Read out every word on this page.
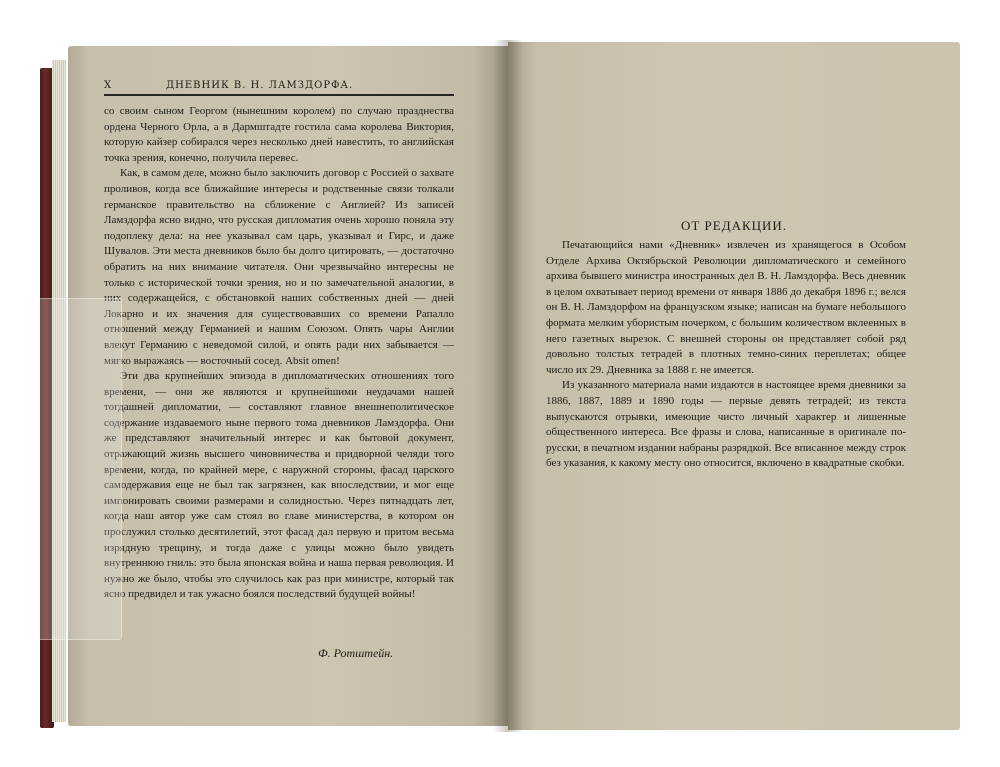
X	ДНЕВНИК В. Н. ЛАМЗДОРФА.

со своим сыном Георгом (нынешним королем) по случаю празднества ордена Черного Орла, а в Дармштадте гостила сама королева Виктория, которую кайзер собирался через несколько дней навестить, то английская точка зрения, конечно, получила перевес.

Как, в самом деле, можно было заключить договор с Россией о захвате проливов, когда все ближайшие интересы и родственные связи толкали германское правительство на сближение с Англией? Из записей Ламздорфа ясно видно, что русская дипломатия очень хорошо поняла эту подоплеку дела: на нее указывал сам царь, указывал и Гирс, и даже Шувалов. Эти места дневников было бы долго цитировать, — достаточно обратить на них внимание читателя. Они чрезвычайно интересны не только с исторической точки зрения, но и по замечательной аналогии, в них содержащейся, с обстановкой наших собственных дней — дней Локарно и их значения для существовавших со времени Рапалло отношений между Германией и нашим Союзом. Опять чары Англии влекут Германию с неведомой силой, и опять ради них забывается — мягко выражаясь — восточный сосед. Absit omen!

Эти два крупнейших эпизода в дипломатических отношениях того времени, — они же являются и крупнейшими неудачами нашей тогдашней дипломатии, — составляют главное внешнеполитическое содержание издаваемого ныне первого тома дневников Ламздорфа. Они же представляют значительный интерес и как бытовой документ, отражающий жизнь высшего чиновничества и придворной челяди того времени, когда, по крайней мере, с наружной стороны, фасад царского самодержавия еще не был так загрязнен, как впоследствии, и мог еще импонировать своими размерами и солидностью. Через пятнадцать лет, когда наш автор уже сам стоял во главе министерства, в котором он прослужил столько десятилетий, этот фасад дал первую и притом весьма изрядную трещину, и тогда даже с улицы можно было увидеть внутреннюю гниль: это была японская война и наша первая революция. И нужно же было, чтобы это случилось как раз при министре, который так ясно предвидел и так ужасно боялся последствий будущей войны!

Ф. Ротштейн.
ОТ РЕДАКЦИИ.

Печатающийся нами «Дневник» извлечен из хранящегося в Особом Отделе Архива Октябрьской Революции дипломатического и семейного архива бывшего министра иностранных дел В. Н. Ламздорфа. Весь дневник в целом охватывает период времени от января 1886 до декабря 1896 г.; велся он В. Н. Ламздорфом на французском языке; написан на бумаге небольшого формата мелким убористым почерком, с большим количеством вклеенных в него газетных вырезок. С внешней стороны он представляет собой ряд довольно толстых тетрадей в плотных темно-синих переплетах; общее число их 29. Дневника за 1888 г. не имеется.

Из указанного материала нами издаются в настоящее время дневники за 1886, 1887, 1889 и 1890 годы — первые девять тетрадей; из текста выпускаются отрывки, имеющие чисто личный характер и лишенные общественного интереса. Все фразы и слова, написанные в оригинале по-русски, в печатном издании набраны разрядкой. Все вписанное между строк без указания, к какому месту оно относится, включено в квадратные скобки.
